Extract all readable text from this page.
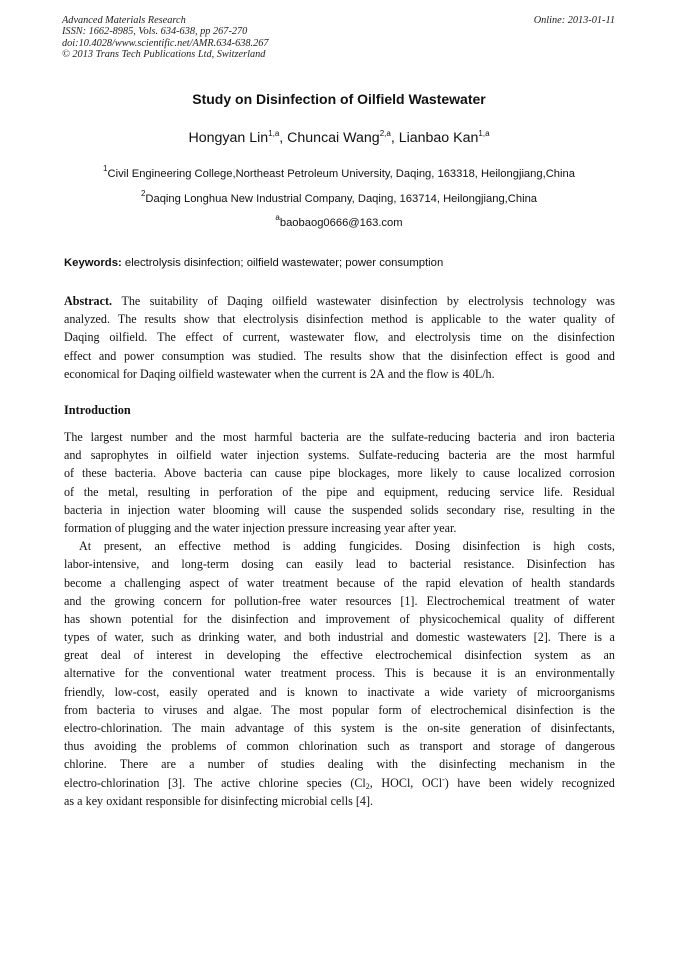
Advanced Materials Research
ISSN: 1662-8985, Vols. 634-638, pp 267-270
doi:10.4028/www.scientific.net/AMR.634-638.267
© 2013 Trans Tech Publications Ltd, Switzerland
Online: 2013-01-11
Study on Disinfection of Oilfield Wastewater
Hongyan Lin$^{1,a}$, Chuncai Wang$^{2,a}$, Lianbao Kan$^{1,a}$
$^1$Civil Engineering College,Northeast Petroleum University, Daqing, 163318, Heilongjiang,China
$^2$Daqing Longhua New Industrial Company, Daqing, 163714, Heilongjiang,China
$^a$baobaog0666@163.com
Keywords: electrolysis disinfection; oilfield wastewater; power consumption
Abstract. The suitability of Daqing oilfield wastewater disinfection by electrolysis technology was
analyzed. The results show that electrolysis disinfection method is applicable to the water quality of
Daqing oilfield. The effect of current, wastewater flow, and electrolysis time on the disinfection
effect and power consumption was studied. The results show that the disinfection effect is good and
economical for Daqing oilfield wastewater when the current is 2A and the flow is 40L/h.
Introduction
The largest number and the most harmful bacteria are the sulfate-reducing bacteria and iron bacteria
and saprophytes in oilfield water injection systems. Sulfate-reducing bacteria are the most harmful
of these bacteria. Above bacteria can cause pipe blockages, more likely to cause localized corrosion
of the metal, resulting in perforation of the pipe and equipment, reducing service life. Residual
bacteria in injection water blooming will cause the suspended solids secondary rise, resulting in the
formation of plugging and the water injection pressure increasing year after year.
At present, an effective method is adding fungicides. Dosing disinfection is high costs,
labor-intensive, and long-term dosing can easily lead to bacterial resistance. Disinfection has
become a challenging aspect of water treatment because of the rapid elevation of health standards
and the growing concern for pollution-free water resources [1]. Electrochemical treatment of water
has shown potential for the disinfection and improvement of physicochemical quality of different
types of water, such as drinking water, and both industrial and domestic wastewaters [2]. There is a
great deal of interest in developing the effective electrochemical disinfection system as an
alternative for the conventional water treatment process. This is because it is an environmentally
friendly, low-cost, easily operated and is known to inactivate a wide variety of microorganisms
from bacteria to viruses and algae. The most popular form of electrochemical disinfection is the
electro-chlorination. The main advantage of this system is the on-site generation of disinfectants,
thus avoiding the problems of common chlorination such as transport and storage of dangerous
chlorine. There are a number of studies dealing with the disinfecting mechanism in the
electro-chlorination [3]. The active chlorine species ($Cl_2$, HOCl, OCl-) have been widely recognized
as a key oxidant responsible for disinfecting microbial cells [4].
